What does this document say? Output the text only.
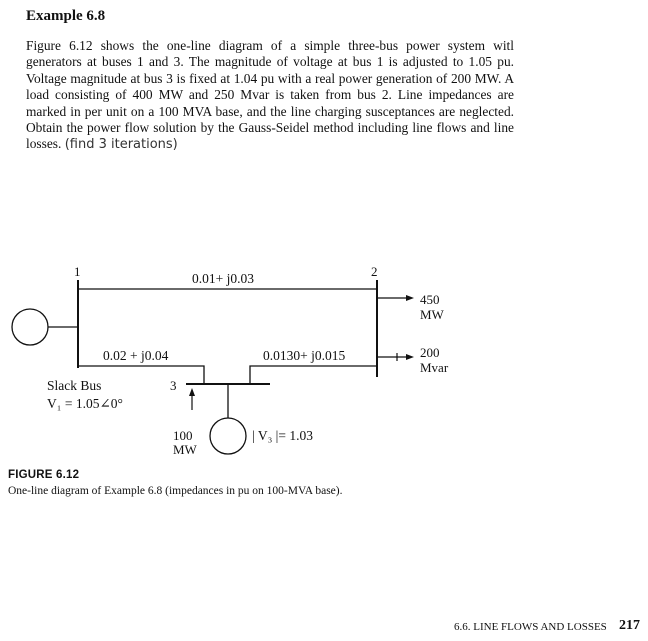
Example 6.8

Figure 6.12 shows the one-line diagram of a simple three-bus power system witl generators at buses 1 and 3. The magnitude of voltage at bus 1 is adjusted to 1.05 pu. Voltage magnitude at bus 3 is fixed at 1.04 pu with a real power generation of 200 MW. A load consisting of 400 MW and 250 Mvar is taken from bus 2. Line impedances are marked in per unit on a 100 MVA base, and the line charging susceptances are neglected. Obtain the power flow solution by the Gauss-Seidel method including line flows and line losses. (find 3 iterations)

1	2
3
0.01+ j0.03
0.02 + j0.04	0.0130+ j0.015
450
MW
200
Mvar
Slack Bus
V₁ = 1.05∠0°
100
MW
| V₃ |= 1.03

FIGURE 6.12

One-line diagram of Example 6.8 (impedances in pu on 100-MVA base).

6.6. LINE FLOWS AND LOSSES 217
